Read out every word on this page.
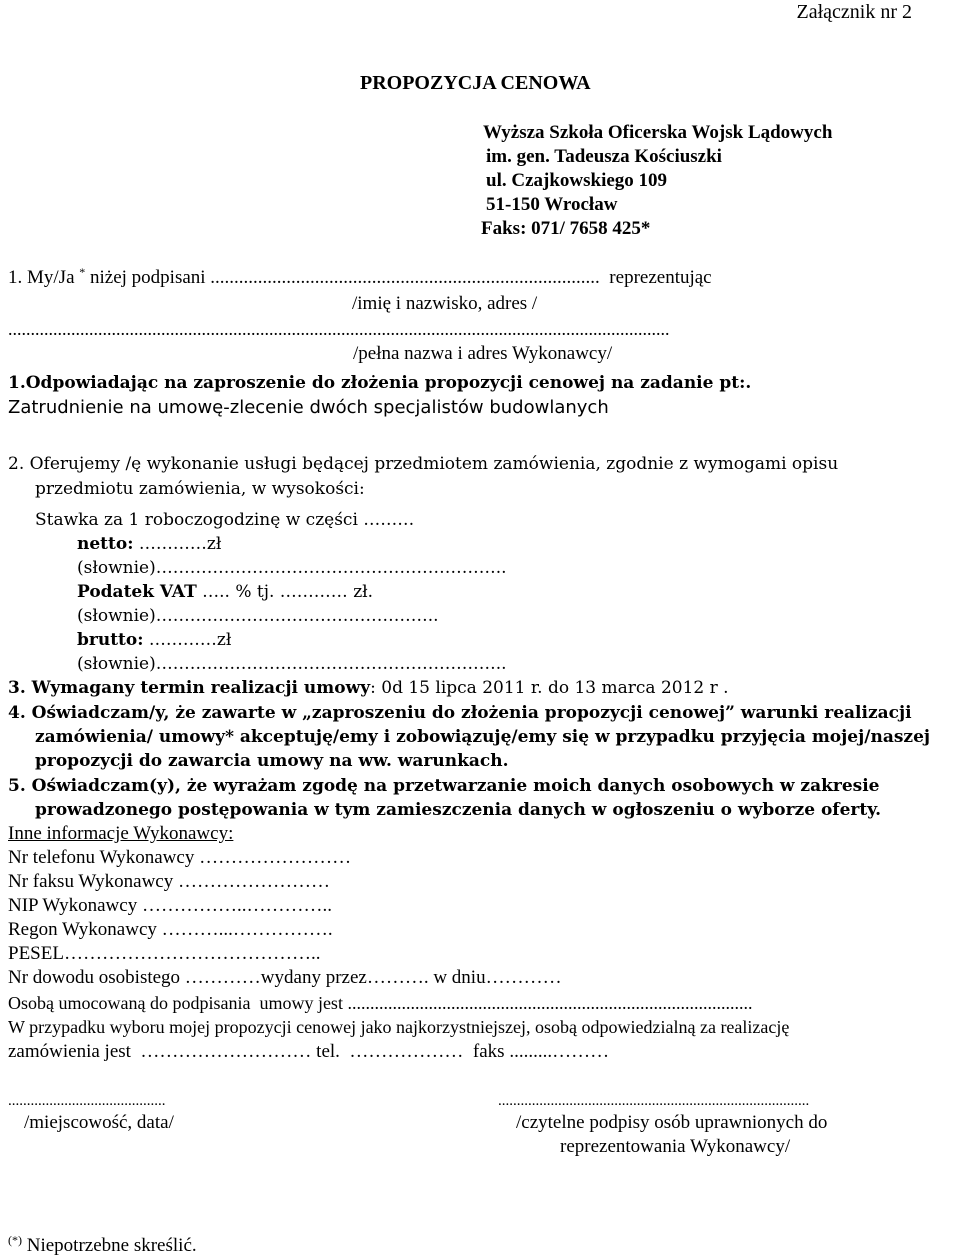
Załącznik nr 2
PROPOZYCJA CENOWA
Wyższa Szkoła Oficerska Wojsk Lądowych
im. gen. Tadeusza Kościuszki
ul. Czajkowskiego 109
51-150 Wrocław
Faks: 071/ 7658 425*
1. My/Ja * niżej podpisani ..................................................................................  reprezentując
/imię i nazwisko, adres /
...................................................................................................................................................
/pełna nazwa i adres Wykonawcy/
1.Odpowiadając na zaproszenie do złożenia propozycji cenowej na zadanie pt:.
Zatrudnienie na umowę-zlecenie dwóch specjalistów budowlanych
2. Oferujemy /ę wykonanie usługi będącej przedmiotem zamówienia, zgodnie z wymogami opisu
przedmiotu zamówienia, w wysokości:
Stawka za 1 roboczogodzinę w części ………
netto: …………zł
(słownie)……………………………………………………..
Podatek VAT ….. % tj. ………… zł.
(słownie)…………………………………………..
brutto: …………zł
(słownie)……………………………………………………..
3. Wymagany termin realizacji umowy: 0d 15 lipca 2011 r. do 13 marca 2012 r .
4. Oświadczam/y, że zawarte w „zaproszeniu do złożenia propozycji cenowej” warunki realizacji
zamówienia/ umowy* akceptuję/emy i zobowiązuję/emy się w przypadku przyjęcia mojej/naszej
propozycji do zawarcia umowy na ww. warunkach.
5. Oświadczam(y), że wyrażam zgodę na przetwarzanie moich danych osobowych w zakresie
prowadzonego postępowania w tym zamieszczenia danych w ogłoszeniu o wyborze oferty.
Inne informacje Wykonawcy:
Nr telefonu Wykonawcy ……………………
Nr faksu Wykonawcy ……………………
NIP Wykonawcy ……………..…………..
Regon Wykonawcy ………...…………….
PESEL…………………………………..
Nr dowodu osobistego …………wydany przez………. w dniu…………
Osobą umocowaną do podpisania  umowy jest ..........................................................................................
W przypadku wyboru mojej propozycji cenowej jako najkorzystniejszej, osobą odpowiedzialną za realizację
zamówienia jest  ……………………… tel.  ………………  faks .........………
..........................................
/miejscowość, data/
...................................................................................
/czytelne podpisy osób uprawnionych do
reprezentowania Wykonawcy/
(*) Niepotrzebne skreślić.
